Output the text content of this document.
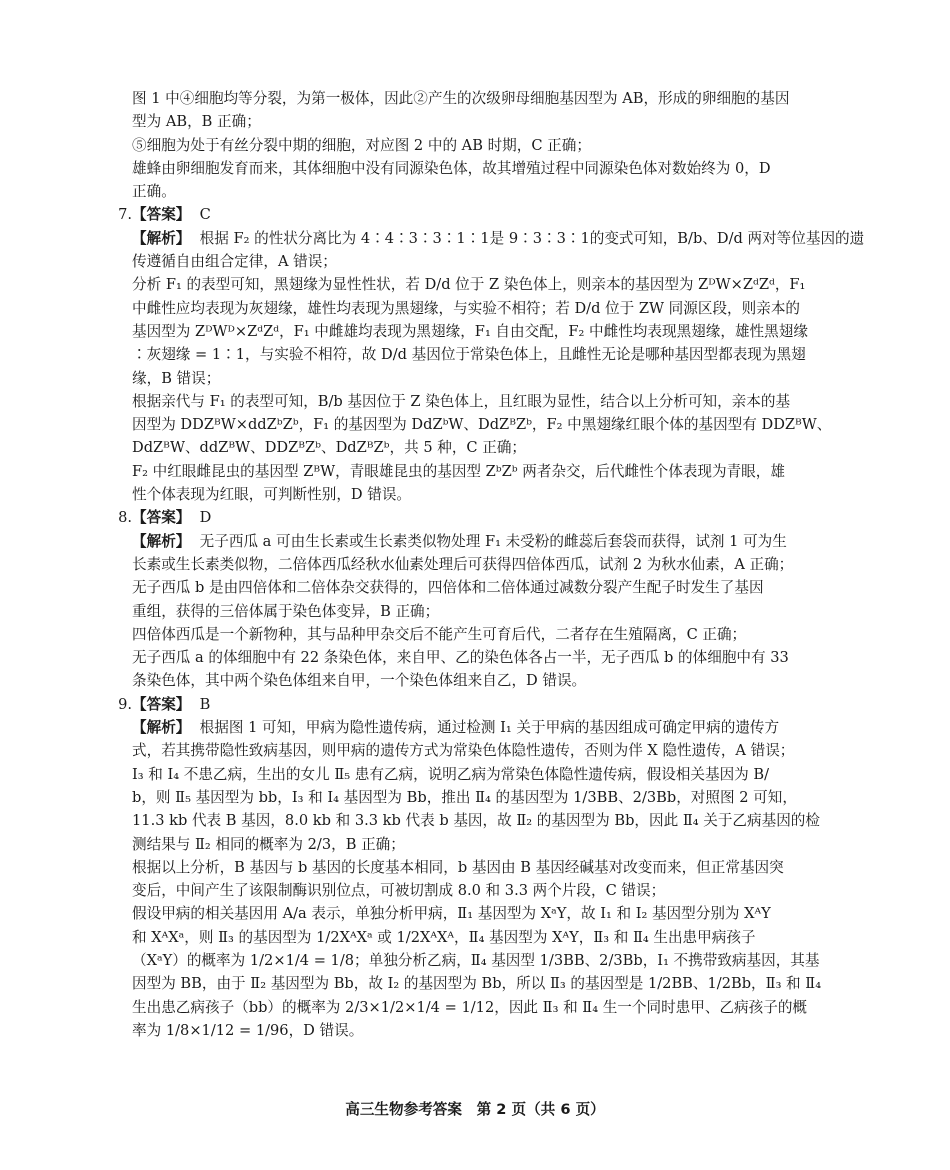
图 1 中④细胞均等分裂，为第一极体，因此②产生的次级卵母细胞基因型为 AB，形成的卵细胞的基因
型为 AB，B 正确；
⑤细胞为处于有丝分裂中期的细胞，对应图 2 中的 AB 时期，C 正确；
雄蜂由卵细胞发育而来，其体细胞中没有同源染色体，故其增殖过程中同源染色体对数始终为 0，D
正确。
7. 【答案】 C
【解析】 根据 F₂ 的性状分离比为 4∶4∶3∶3∶1∶1是 9∶3∶3∶1的变式可知，B/b、D/d 两对等位基因的遗
传遵循自由组合定律，A 错误；
分析 F₁ 的表型可知，黑翅缘为显性性状，若 D/d 位于 Z 染色体上，则亲本的基因型为 ZᴰW×ZᵈZᵈ，F₁
中雌性应均表现为灰翅缘，雄性均表现为黑翅缘，与实验不相符；若 D/d 位于 ZW 同源区段，则亲本的
基因型为 ZᴰWᴰ×ZᵈZᵈ，F₁ 中雌雄均表现为黑翅缘，F₁ 自由交配，F₂ 中雌性均表现黑翅缘，雄性黑翅缘
∶灰翅缘 = 1∶1，与实验不相符，故 D/d 基因位于常染色体上，且雌性无论是哪种基因型都表现为黑翅
缘，B 错误；
根据亲代与 F₁ 的表型可知，B/b 基因位于 Z 染色体上，且红眼为显性，结合以上分析可知，亲本的基
因型为 DDZᴮW×ddZᵇZᵇ，F₁ 的基因型为 DdZᵇW、DdZᴮZᵇ，F₂ 中黑翅缘红眼个体的基因型有 DDZᴮW、
DdZᴮW、ddZᴮW、DDZᴮZᵇ、DdZᴮZᵇ，共 5 种，C 正确；
F₂ 中红眼雌昆虫的基因型 ZᴮW，青眼雄昆虫的基因型 ZᵇZᵇ 两者杂交，后代雌性个体表现为青眼，雄
性个体表现为红眼，可判断性别，D 错误。
8. 【答案】 D
【解析】 无子西瓜 a 可由生长素或生长素类似物处理 F₁ 未受粉的雌蕊后套袋而获得，试剂 1 可为生
长素或生长素类似物，二倍体西瓜经秋水仙素处理后可获得四倍体西瓜，试剂 2 为秋水仙素，A 正确；
无子西瓜 b 是由四倍体和二倍体杂交获得的，四倍体和二倍体通过减数分裂产生配子时发生了基因
重组，获得的三倍体属于染色体变异，B 正确；
四倍体西瓜是一个新物种，其与品种甲杂交后不能产生可育后代，二者存在生殖隔离，C 正确；
无子西瓜 a 的体细胞中有 22 条染色体，来自甲、乙的染色体各占一半，无子西瓜 b 的体细胞中有 33
条染色体，其中两个染色体组来自甲，一个染色体组来自乙，D 错误。
9. 【答案】 B
【解析】 根据图 1 可知，甲病为隐性遗传病，通过检测 Ⅰ₁ 关于甲病的基因组成可确定甲病的遗传方
式，若其携带隐性致病基因，则甲病的遗传方式为常染色体隐性遗传，否则为伴 X 隐性遗传，A 错误；
Ⅰ₃ 和 Ⅰ₄ 不患乙病，生出的女儿 Ⅱ₅ 患有乙病，说明乙病为常染色体隐性遗传病，假设相关基因为 B/
b，则 Ⅱ₅ 基因型为 bb，Ⅰ₃ 和 Ⅰ₄ 基因型为 Bb，推出 Ⅱ₄ 的基因型为 1/3BB、2/3Bb，对照图 2 可知，
11.3 kb 代表 B 基因，8.0 kb 和 3.3 kb 代表 b 基因，故 Ⅱ₂ 的基因型为 Bb，因此 Ⅱ₄ 关于乙病基因的检
测结果与 Ⅱ₂ 相同的概率为 2/3，B 正确；
根据以上分析，B 基因与 b 基因的长度基本相同，b 基因由 B 基因经碱基对改变而来，但正常基因突
变后，中间产生了该限制酶识别位点，可被切割成 8.0 和 3.3 两个片段，C 错误；
假设甲病的相关基因用 A/a 表示，单独分析甲病，Ⅱ₁ 基因型为 XᵃY，故 Ⅰ₁ 和 Ⅰ₂ 基因型分别为 XᴬY
和 XᴬXᵃ，则 Ⅱ₃ 的基因型为 1/2XᴬXᵃ 或 1/2XᴬXᴬ，Ⅱ₄ 基因型为 XᴬY，Ⅱ₃ 和 Ⅱ₄ 生出患甲病孩子
（XᵃY）的概率为 1/2×1/4 = 1/8；单独分析乙病，Ⅱ₄ 基因型 1/3BB、2/3Bb，Ⅰ₁ 不携带致病基因，其基
因型为 BB，由于 Ⅱ₂ 基因型为 Bb，故 Ⅰ₂ 的基因型为 Bb，所以 Ⅱ₃ 的基因型是 1/2BB、1/2Bb，Ⅱ₃ 和 Ⅱ₄
生出患乙病孩子（bb）的概率为 2/3×1/2×1/4 = 1/12，因此 Ⅱ₃ 和 Ⅱ₄ 生一个同时患甲、乙病孩子的概
率为 1/8×1/12 = 1/96，D 错误。
高三生物参考答案　第 2 页（共 6 页）
